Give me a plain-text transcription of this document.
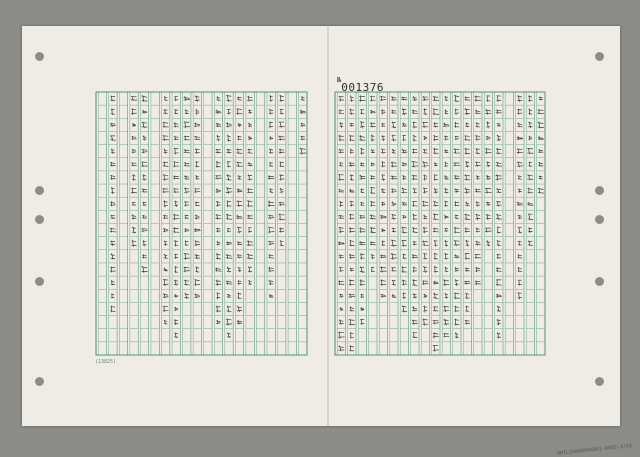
№001376
(13825)
NMTL20080604001-0092-3/34
